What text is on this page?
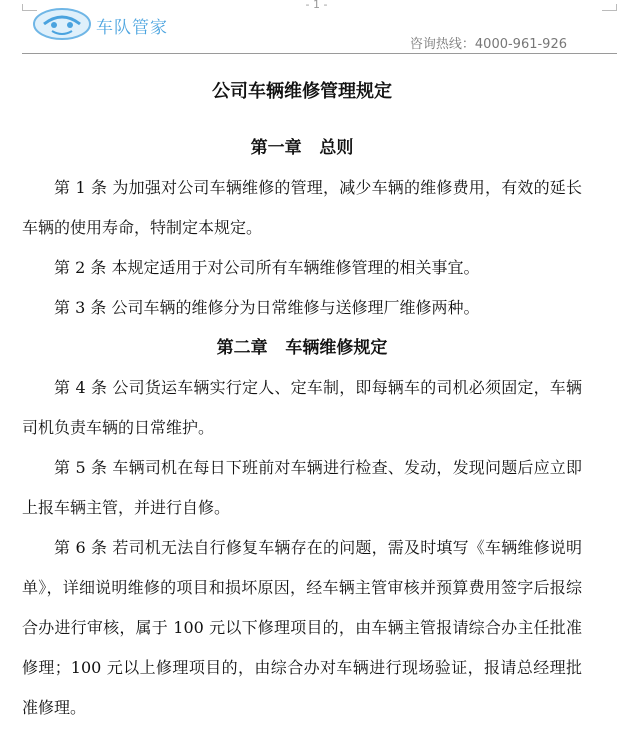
- 1 -
车队管家
咨询热线：4000-961-926
公司车辆维修管理规定
第一章   总则

第 1 条 为加强对公司车辆维修的管理，减少车辆的维修费用，有效的延长车辆的使用寿命，特制定本规定。

第 2 条 本规定适用于对公司所有车辆维修管理的相关事宜。

第 3 条 公司车辆的维修分为日常维修与送修理厂维修两种。

第二章   车辆维修规定

第 4 条 公司货运车辆实行定人、定车制，即每辆车的司机必须固定，车辆司机负责车辆的日常维护。

第 5 条 车辆司机在每日下班前对车辆进行检查、发动，发现问题后应立即上报车辆主管，并进行自修。

第 6 条 若司机无法自行修复车辆存在的问题，需及时填写《车辆维修说明单》，详细说明维修的项目和损坏原因，经车辆主管审核并预算费用签字后报综合办进行审核，属于 100 元以下修理项目的，由车辆主管报请综合办主任批准修理；100 元以上修理项目的，由综合办对车辆进行现场验证，报请总经理批准修理。
